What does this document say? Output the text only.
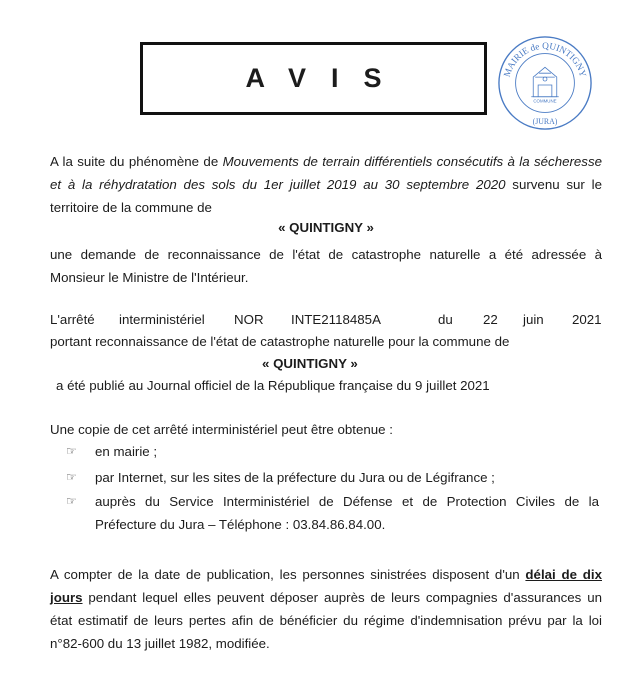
AVIS	MAIRIE de QUINTIGNY
(JURA)
COMMUNE

A la suite du phénomène de Mouvements de terrain différentiels consécutifs à la sécheresse et à la réhydratation des sols du 1er juillet 2019 au 30 septembre 2020 survenu sur le territoire de la commune de

« QUINTIGNY »

une demande de reconnaissance de l'état de catastrophe naturelle a été adressée à Monsieur le Ministre de l'Intérieur.

L'arrêté interministériel NOR INTE2118485A	du 22 juin 2021

portant reconnaissance de l'état de catastrophe naturelle pour la commune de

« QUINTIGNY »

a été publié au Journal officiel de la République française du 9 juillet 2021

Une copie de cet arrêté interministériel peut être obtenue :

☞ en mairie ;
☞ par Internet, sur les sites de la préfecture du Jura ou de Légifrance ;
☞ auprès du Service Interministériel de Défense et de Protection Civiles de la Préfecture du Jura – Téléphone : 03.84.86.84.00.

A compter de la date de publication, les personnes sinistrées disposent d'un délai de dix jours pendant lequel elles peuvent déposer auprès de leurs compagnies d'assurances un état estimatif de leurs pertes afin de bénéficier du régime d'indemnisation prévu par la loi n°82-600 du 13 juillet 1982, modifiée.
